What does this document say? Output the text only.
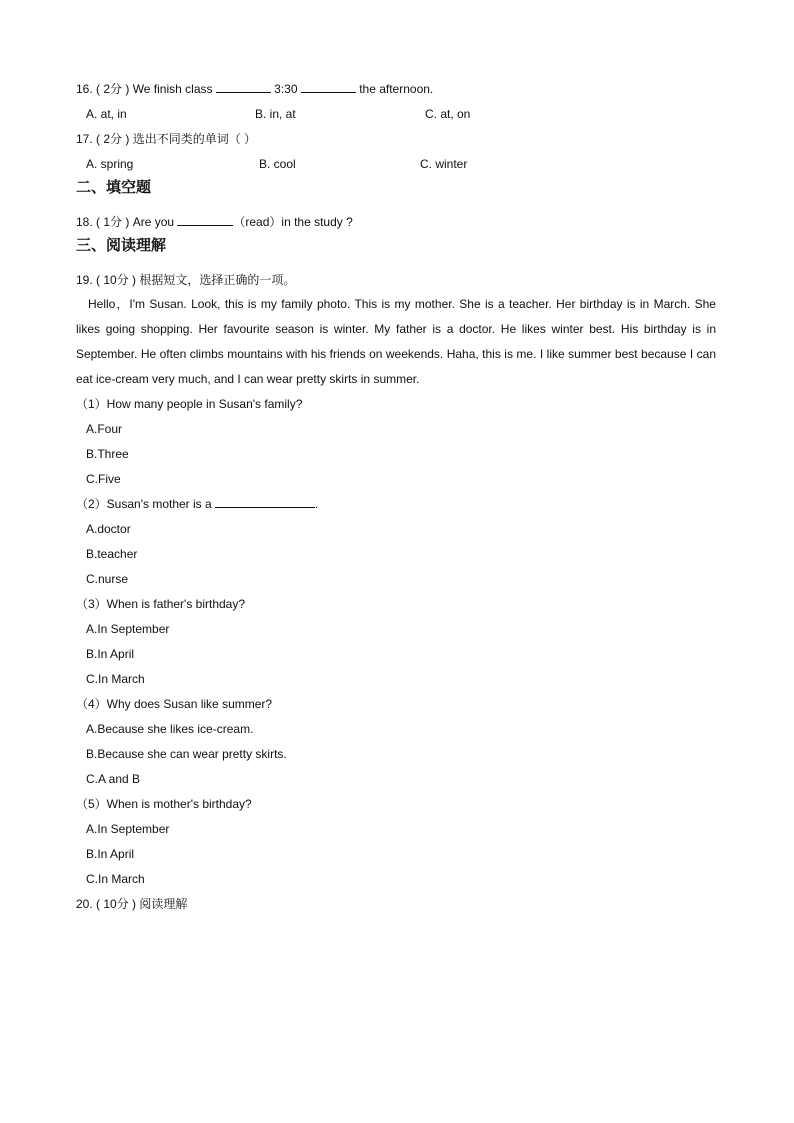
16. ( 2分 ) We finish class	3:30	the afternoon.
A. at, in	B. in, at	C. at, on
17. ( 2分 ) 选出不同类的单词（ ）
A. spring	B. cool	C. winter
二、填空题
18. ( 1分 ) Are you	（read）in the study ?
三、阅读理解
19. ( 10分 ) 根据短文，选择正确的一项。

Hello，I'm Susan. Look, this is my family photo. This is my mother. She is a teacher. Her birthday is in March. She likes going shopping. Her favourite season is winter. My father is a doctor. He likes winter best. His birthday is in September. He often climbs mountains with his friends on weekends. Haha, this is me. I like summer best because I can eat ice-cream very much, and I can wear pretty skirts in summer.

（1）How many people in Susan's family?
A.Four
B.Three
C.Five
（2）Susan's mother is a	.
A.doctor
B.teacher
C.nurse
（3）When is father's birthday?
A.In September
B.In April
C.In March
（4）Why does Susan like summer?
A.Because she likes ice-cream.
B.Because she can wear pretty skirts.
C.A and B
（5）When is mother's birthday?
A.In September
B.In April
C.In March
20. ( 10分 ) 阅读理解
